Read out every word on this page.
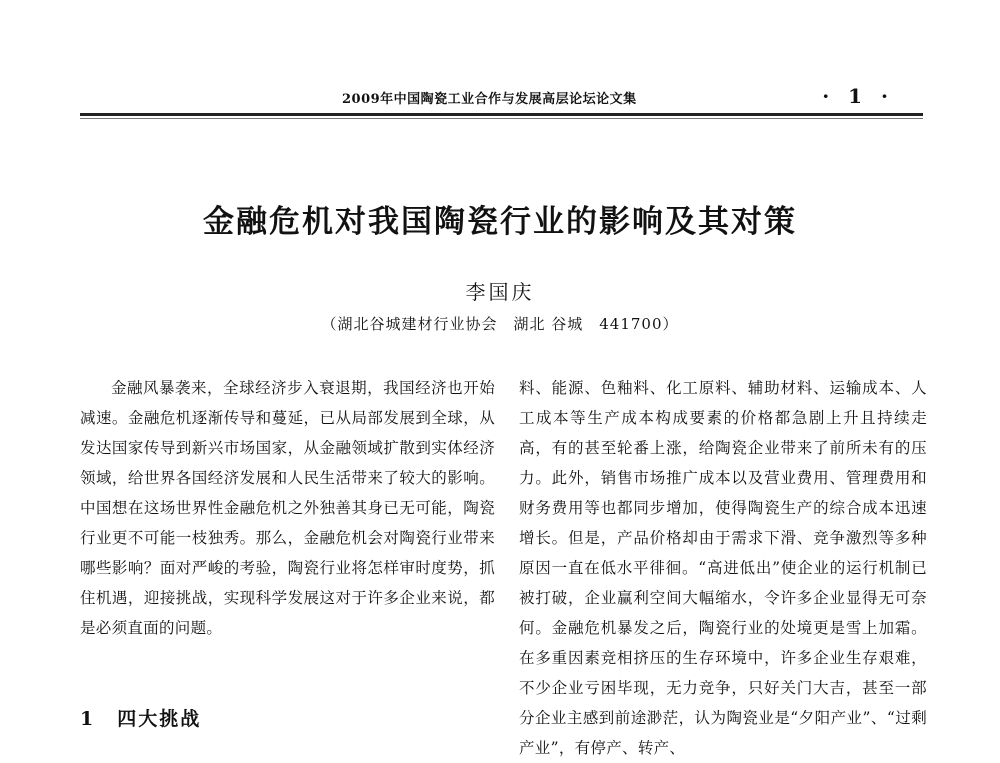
2009年中国陶瓷工业合作与发展高层论坛论文集	· 1 ·
金融危机对我国陶瓷行业的影响及其对策
李国庆
（湖北谷城建材行业协会　湖北 谷城　441700）

金融风暴袭来，全球经济步入衰退期，我国经济也开始减速。金融危机逐渐传导和蔓延，已从局部发展到全球，从发达国家传导到新兴市场国家，从金融领域扩散到实体经济领域，给世界各国经济发展和人民生活带来了较大的影响。中国想在这场世界性金融危机之外独善其身已无可能，陶瓷行业更不可能一枝独秀。那么，金融危机会对陶瓷行业带来哪些影响？面对严峻的考验，陶瓷行业将怎样审时度势，抓住机遇，迎接挑战，实现科学发展这对于许多企业来说，都是必须直面的问题。

料、能源、色釉料、化工原料、辅助材料、运输成本、人工成本等生产成本构成要素的价格都急剧上升且持续走高，有的甚至轮番上涨，给陶瓷企业带来了前所未有的压力。此外，销售市场推广成本以及营业费用、管理费用和财务费用等也都同步增加，使得陶瓷生产的综合成本迅速增长。但是，产品价格却由于需求下滑、竞争激烈等多种原因一直在低水平徘徊。“高进低出”使企业的运行机制已被打破，企业赢利空间大幅缩水，令许多企业显得无可奈何。金融危机暴发之后，陶瓷行业的处境更是雪上加霜。在多重因素竞相挤压的生存环境中，许多企业生存艰难，不少企业亏困毕现，无力竞争，只好关门大吉，甚至一部分企业主感到前途渺茫，认为陶瓷业是“夕阳产业”、“过剩产业”，有停产、转产、

1 四大挑战
